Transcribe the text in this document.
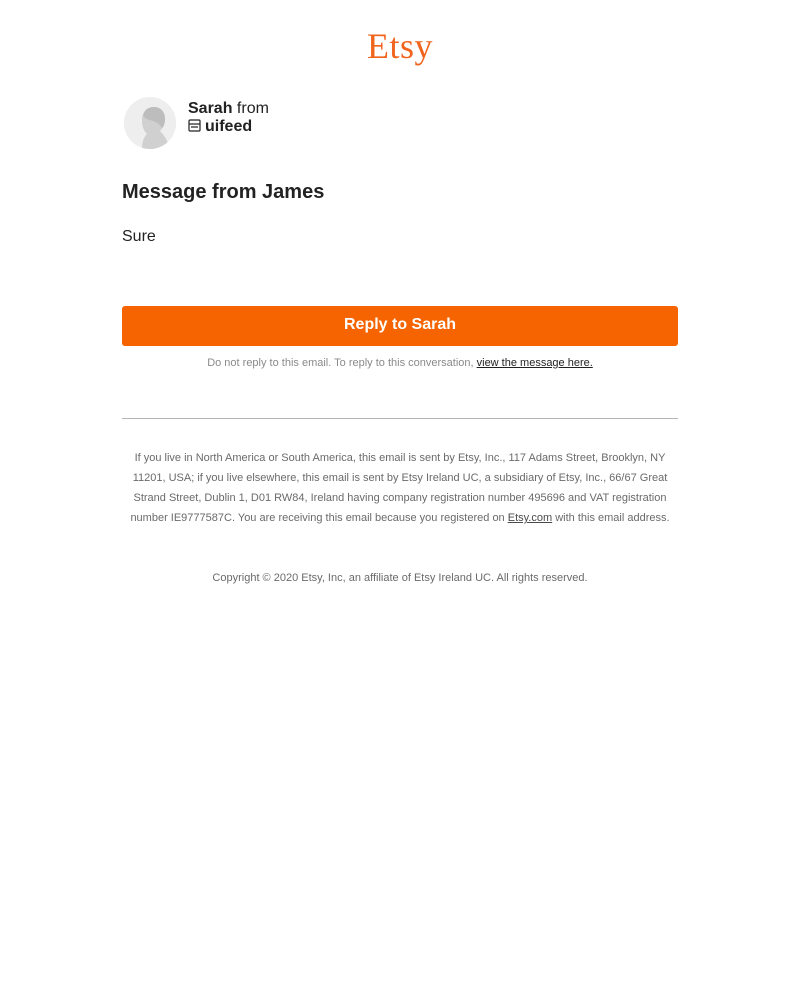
Etsy
Sarah from
uifeed
Message from James
Sure
Reply to Sarah
Do not reply to this email. To reply to this conversation, view the message here.
If you live in North America or South America, this email is sent by Etsy, Inc., 117 Adams Street, Brooklyn, NY 11201, USA; if you live elsewhere, this email is sent by Etsy Ireland UC, a subsidiary of Etsy, Inc., 66/67 Great Strand Street, Dublin 1, D01 RW84, Ireland having company registration number 495696 and VAT registration number IE9777587C. You are receiving this email because you registered on Etsy.com with this email address.
Copyright © 2020 Etsy, Inc, an affiliate of Etsy Ireland UC. All rights reserved.
